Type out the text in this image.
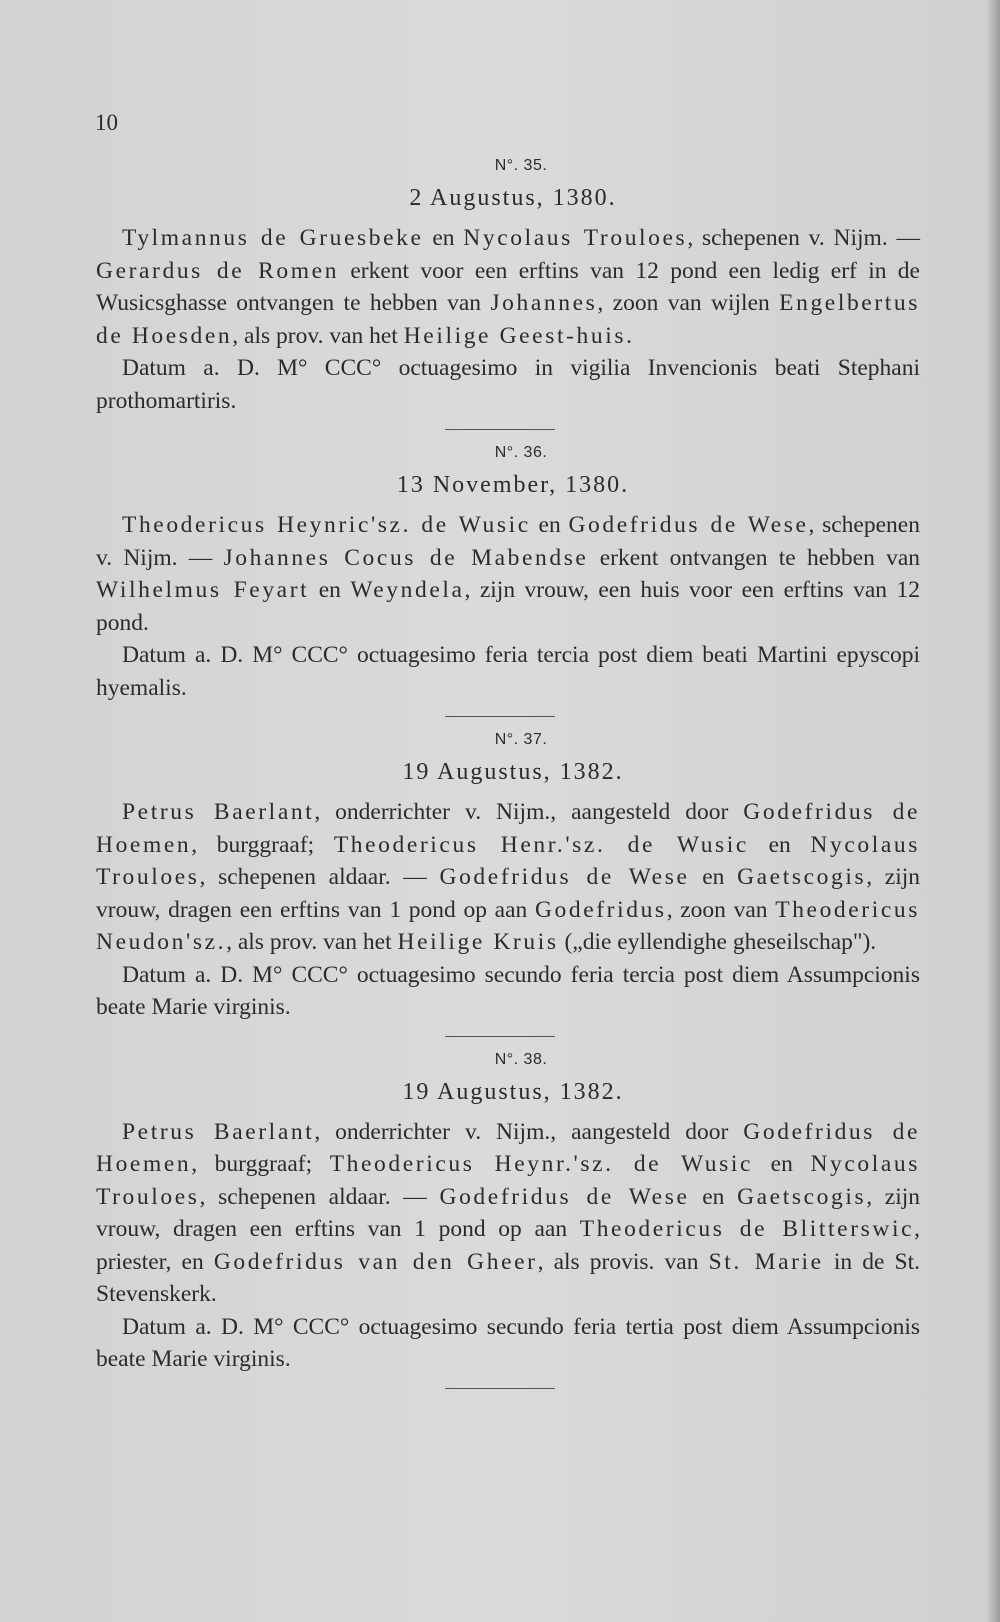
10
N°. 35.
2 Augustus, 1380.

Tylmannus de Gruesbeke en Nycolaus Trouloes, schepenen v. Nijm. — Gerardus de Romen erkent voor een erftins van 12 pond een ledig erf in de Wusicsghasse ontvangen te hebben van Johannes, zoon van wijlen Engelbertus de Hoesden, als prov. van het Heilige Geest-huis.

Datum a. D. M° CCC° octuagesimo in vigilia Invencionis beati Stephani prothomartiris.

N°. 36.
13 November, 1380.

Theodericus Heynric'sz. de Wusic en Godefridus de Wese, schepenen v. Nijm. — Johannes Cocus de Mabendse erkent ontvangen te hebben van Wilhelmus Feyart en Weyndela, zijn vrouw, een huis voor een erftins van 12 pond.

Datum a. D. M° CCC° octuagesimo feria tercia post diem beati Martini epyscopi hyemalis.

N°. 37.
19 Augustus, 1382.

Petrus Baerlant, onderrichter v. Nijm., aangesteld door Godefridus de Hoemen, burggraaf; Theodericus Henr.'sz. de Wusic en Nycolaus Trouloes, schepenen aldaar. — Godefridus de Wese en Gaetscogis, zijn vrouw, dragen een erftins van 1 pond op aan Godefridus, zoon van Theodericus Neudon'sz., als prov. van het Heilige Kruis („die eyllendighe gheseilschap").

Datum a. D. M° CCC° octuagesimo secundo feria tercia post diem Assumpcionis beate Marie virginis.

N°. 38.
19 Augustus, 1382.

Petrus Baerlant, onderrichter v. Nijm., aangesteld door Godefridus de Hoemen, burggraaf; Theodericus Heynr.'sz. de Wusic en Nycolaus Trouloes, schepenen aldaar. — Godefridus de Wese en Gaetscogis, zijn vrouw, dragen een erftins van 1 pond op aan Theodericus de Blitterswic, priester, en Godefridus van den Gheer, als provis. van St. Marie in de St. Stevenskerk.

Datum a. D. M° CCC° octuagesimo secundo feria tertia post diem Assumpcionis beate Marie virginis.
